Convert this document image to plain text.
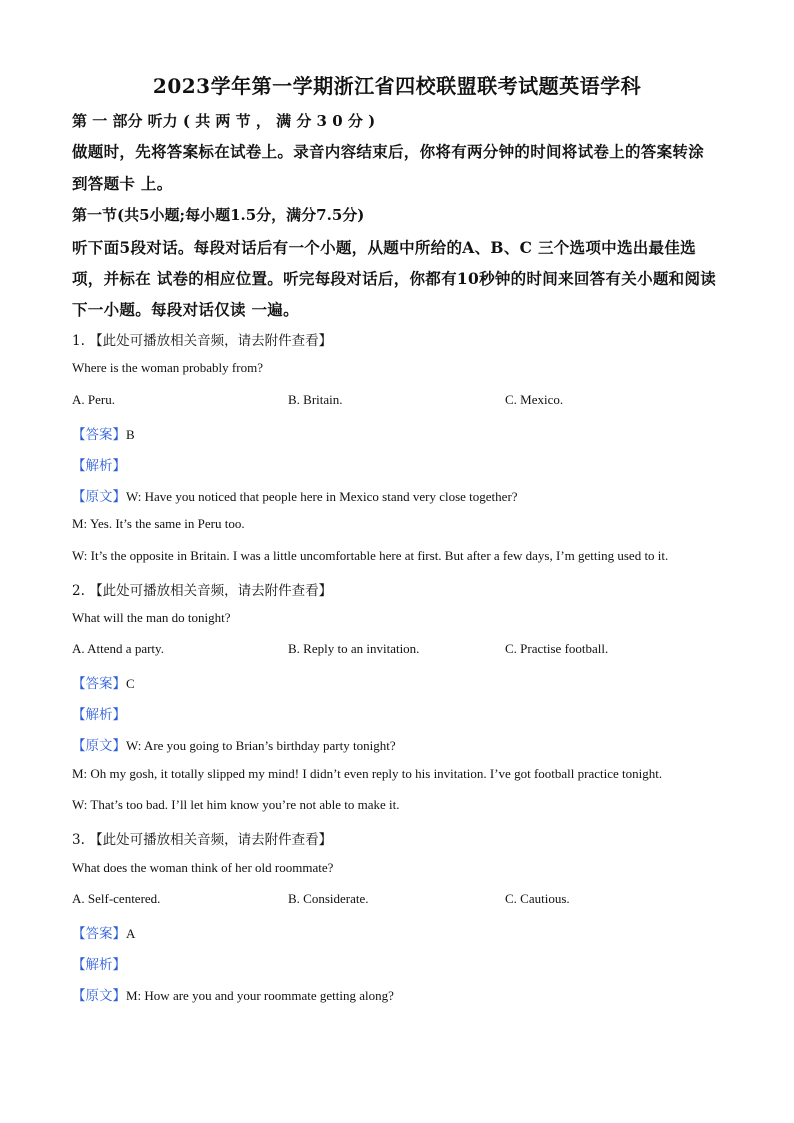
2023学年第一学期浙江省四校联盟联考试题英语学科
第 一 部分 听力 ( 共 两 节 ， 满 分 3 0 分 )
做题时，先将答案标在试卷上。录音内容结束后，你将有两分钟的时间将试卷上的答案转涂
到答题卡 上。
第一节(共5小题;每小题1.5分，满分7.5分)
听下面5段对话。每段对话后有一个小题，从题中所给的A、B、C 三个选项中选出最佳选
项，并标在 试卷的相应位置。听完每段对话后，你都有10秒钟的时间来回答有关小题和阅读
下一小题。每段对话仅读 一遍。
1. 【此处可播放相关音频，请去附件查看】
Where is the woman probably from?
A. Peru.	B. Britain.	C. Mexico.
【答案】B
【解析】
【原文】W: Have you noticed that people here in Mexico stand very close together?
M: Yes. It’s the same in Peru too.
W: It’s the opposite in Britain. I was a little uncomfortable here at first. But after a few days, I’m getting used to it.
2. 【此处可播放相关音频，请去附件查看】
What will the man do tonight?
A. Attend a party.	B. Reply to an invitation.	C. Practise football.
【答案】C
【解析】
【原文】W: Are you going to Brian’s birthday party tonight?
M: Oh my gosh, it totally slipped my mind! I didn’t even reply to his invitation. I’ve got football practice tonight.
W: That’s too bad. I’ll let him know you’re not able to make it.
3. 【此处可播放相关音频，请去附件查看】
What does the woman think of her old roommate?
A. Self-centered.	B. Considerate.	C. Cautious.
【答案】A
【解析】
【原文】M: How are you and your roommate getting along?
